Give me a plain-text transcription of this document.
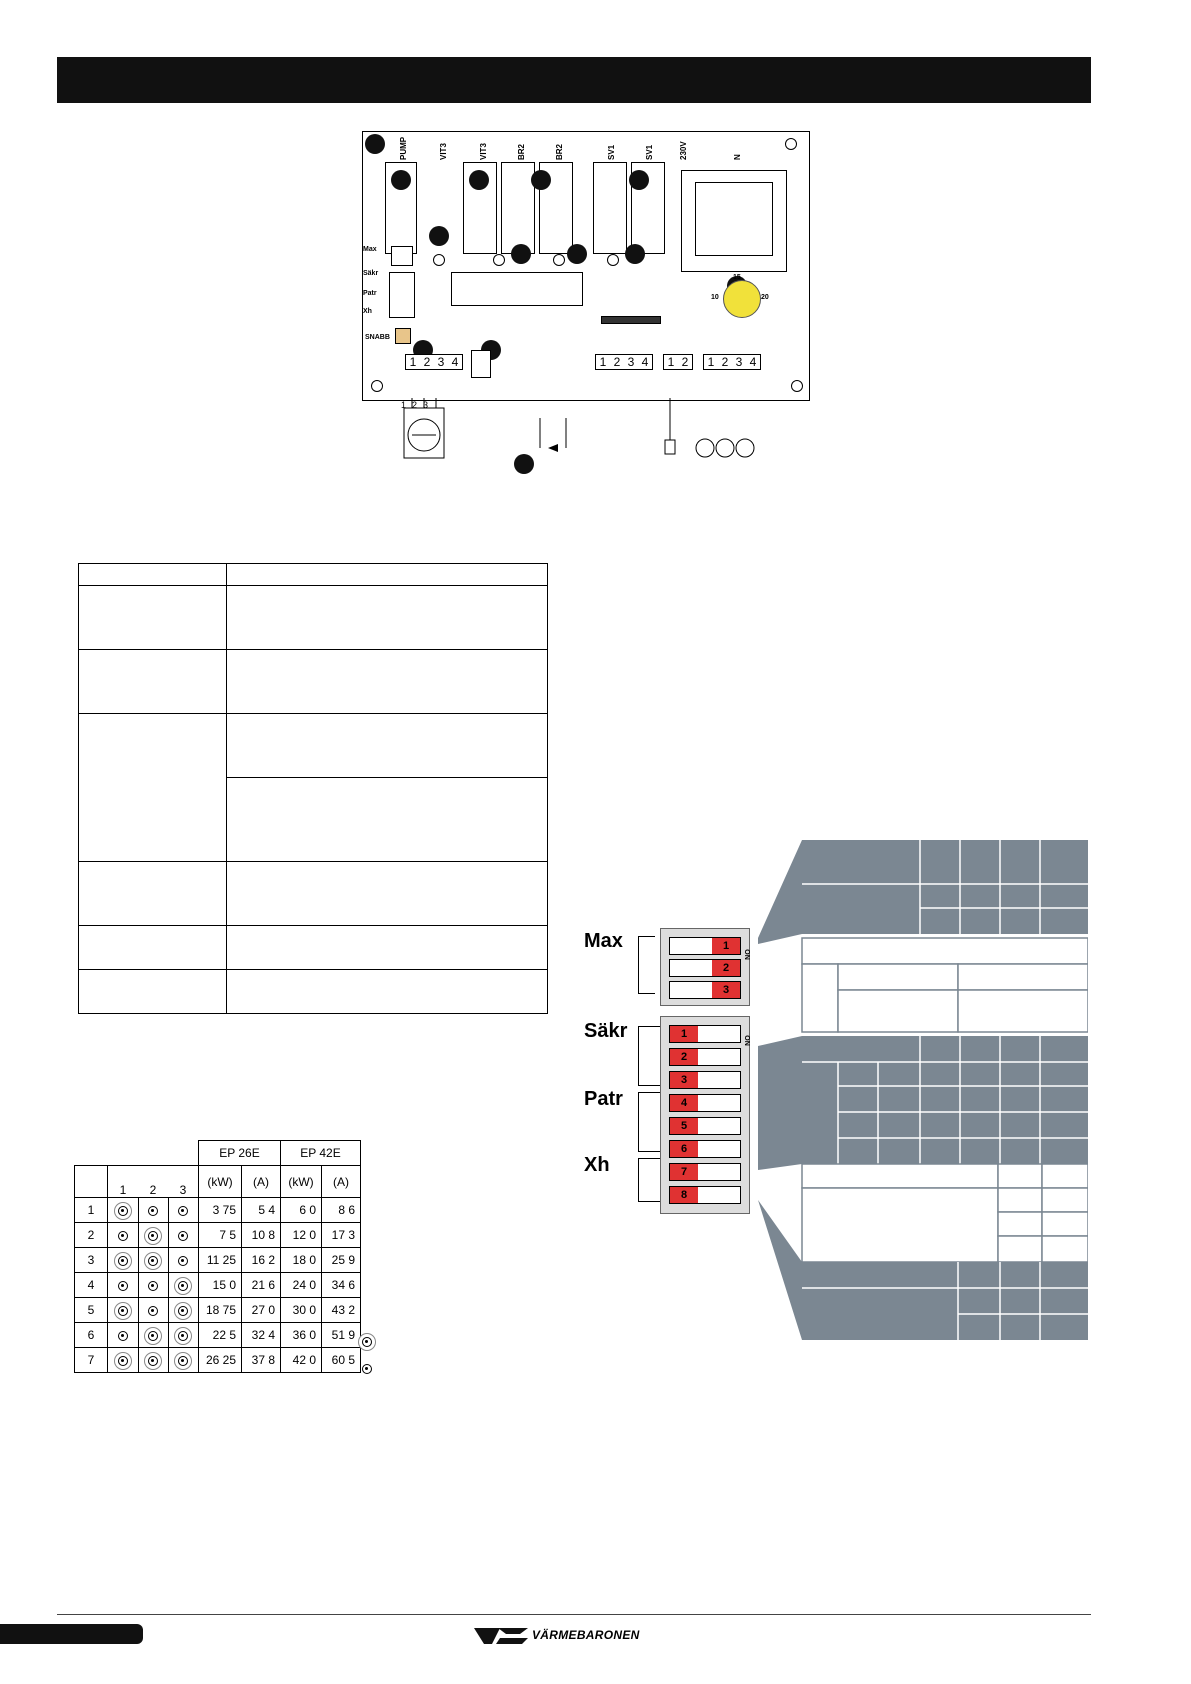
PUMP	VIT3	VIT3	BR2	BR2	SV1	SV1	230V	N
Max
Säkr
Patr
Xh
SNABB
15
10	20
1 2 3 4	1 2 3 4	1 2	1 2 3 4
1 2 3

				EP 26E		EP 42E	
	1	2	3	(kW)	(A)	(kW)	(A)
1				3 75	5 4	6 0	8 6
2				7 5	10 8	12 0	17 3
3				11 25	16 2	18 0	25 9
4				15 0	21 6	24 0	34 6
5				18 75	27 0	30 0	43 2
6				22 5	32 4	36 0	51 9
7				26 25	37 8	42 0	60 5
Max
Säkr
Patr
Xh
1
2
3
ON
1
2
3
4
5
6
7
8
ON
VÄRMEBARONEN
